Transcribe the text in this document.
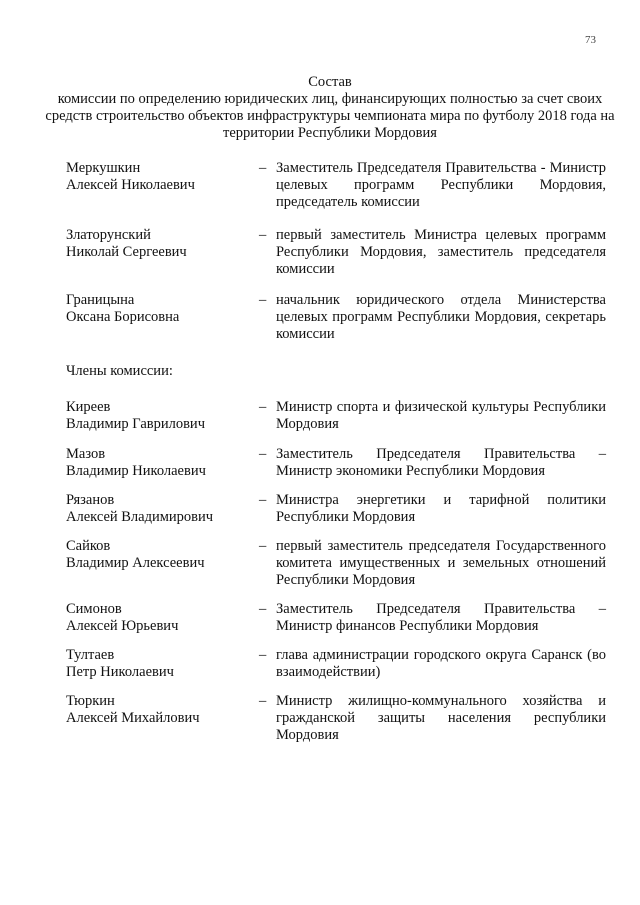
73
Состав
комиссии по определению юридических лиц, финансирующих полностью за счет своих средств строительство объектов инфраструктуры чемпионата мира по футболу 2018 года на территории Республики Мордовия
Меркушкин
Алексей Николаевич
– Заместитель Председателя Правительства - Министр целевых программ Республики Мордовия, председатель комиссии
Златорунский
Николай Сергеевич
– первый заместитель Министра целевых программ Республики Мордовия, заместитель председателя комиссии
Границына
Оксана Борисовна
– начальник юридического отдела Министерства целевых программ Республики Мордовия, секретарь комиссии
Члены комиссии:
Киреев
Владимир Гаврилович
– Министр спорта и физической культуры Республики Мордовия
Мазов
Владимир Николаевич
– Заместитель Председателя Правительства – Министр экономики Республики Мордовия
Рязанов
Алексей Владимирович
– Министра энергетики и тарифной политики Республики Мордовия
Сайков
Владимир Алексеевич
– первый заместитель председателя Государственного комитета имущественных и земельных отношений Республики Мордовия
Симонов
Алексей Юрьевич
– Заместитель Председателя Правительства – Министр финансов Республики Мордовия
Тултаев
Петр Николаевич
– глава администрации городского округа Саранск (во взаимодействии)
Тюркин
Алексей Михайлович
– Министр жилищно-коммунального хозяйства и гражданской защиты населения республики Мордовия
